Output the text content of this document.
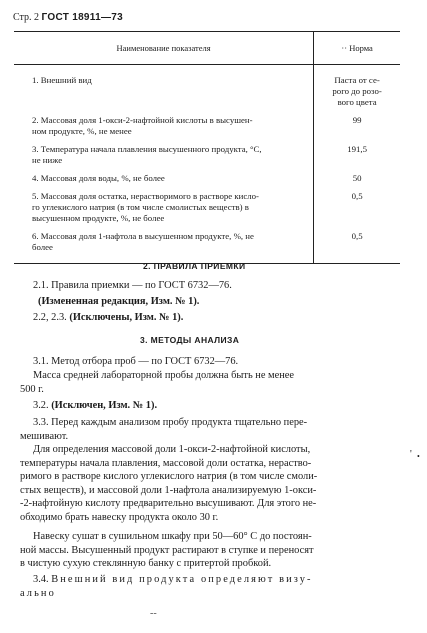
Стр. 2 ГОСТ 18911—73
Наименование показателя	·· Норма
1. Внешний вид	Паста от се-
рого до розо-
вого цвета
2. Массовая доля 1-окси-2-нафтойной кислоты в высушен-
ном продукте, %, не менее	99
3. Температура начала плавления высушенного продукта, °С,
не ниже	191,5
4. Массовая доля воды, %, не более	50
5. Массовая доля остатка, нерастворимого в растворе кисло-
го углекислого натрия (в том числе смолистых веществ) в
высушенном продукте, %, не более	0,5
6. Массовая доля 1-нафтола в высушенном продукте, %, не
более	0,5
2. ПРАВИЛА ПРИЕМКИ
2.1. Правила приемки — по ГОСТ 6732—76.
(Измененная редакция, Изм. № 1).
2.2, 2.3. (Исключены, Изм. № 1).
3. МЕТОДЫ АНАЛИЗА
3.1. Метод отбора проб — по ГОСТ 6732—76.
Масса средней лабораторной пробы должна быть не менее
500 г.
3.2. (Исключен, Изм. № 1).
3.3. Перед каждым анализом пробу продукта тщательно пере-
мешивают.
Для определения массовой доли 1-окси-2-нафтойной кислоты,
температуры начала плавления, массовой доли остатка, нераство-
римого в растворе кислого углекислого натрия (в том числе смоли-
стых веществ), и массовой доли 1-нафтола анализируемую 1-окси-
-2-нафтойную кислоту предварительно высушивают. Для этого не-
обходимо брать навеску продукта около 30 г.
Навеску сушат в сушильном шкафу при 50—60° С до постоян-
ной массы. Высушенный продукт растирают в ступке и переносят
в чистую сухую стеклянную банку с притертой пробкой.
3.4. Внешний вид продукта определяют визу-
ально
' •
--
